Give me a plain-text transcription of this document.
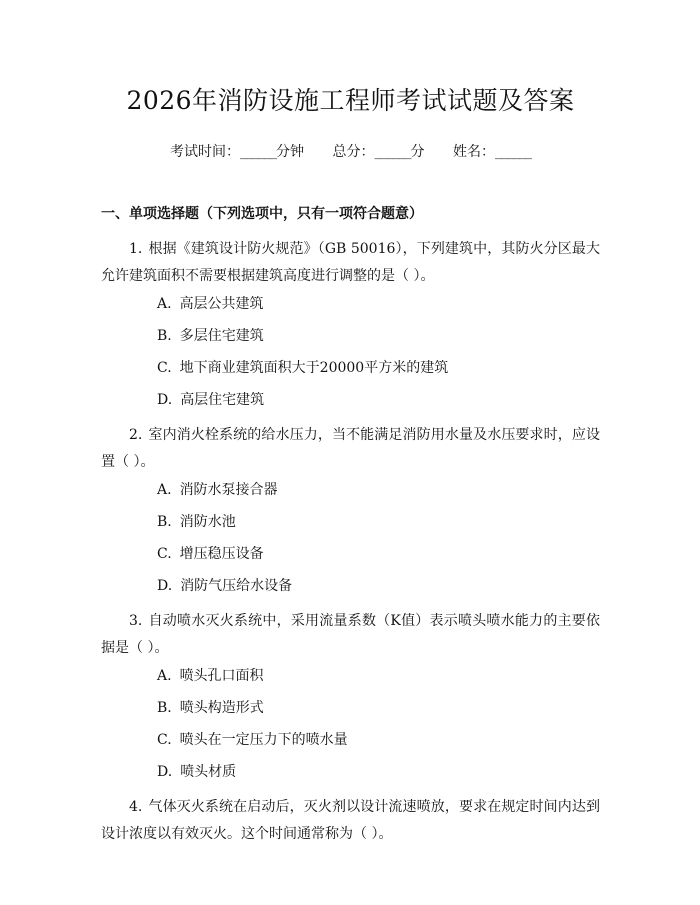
2026年消防设施工程师考试试题及答案
考试时间：______分钟 总分：______分 姓名：______
一、单项选择题（下列选项中，只有一项符合题意）
1. 根据《建筑设计防火规范》（GB 50016），下列建筑中，其防火分区最大允许建筑面积不需要根据建筑高度进行调整的是（ ）。
A. 高层公共建筑
B. 多层住宅建筑
C. 地下商业建筑面积大于20000平方米的建筑
D. 高层住宅建筑
2. 室内消火栓系统的给水压力，当不能满足消防用水量及水压要求时，应设置（ ）。
A. 消防水泵接合器
B. 消防水池
C. 增压稳压设备
D. 消防气压给水设备
3. 自动喷水灭火系统中，采用流量系数（K值）表示喷头喷水能力的主要依据是（ ）。
A. 喷头孔口面积
B. 喷头构造形式
C. 喷头在一定压力下的喷水量
D. 喷头材质
4. 气体灭火系统在启动后，灭火剂以设计流速喷放，要求在规定时间内达到设计浓度以有效灭火。这个时间通常称为（ ）。
